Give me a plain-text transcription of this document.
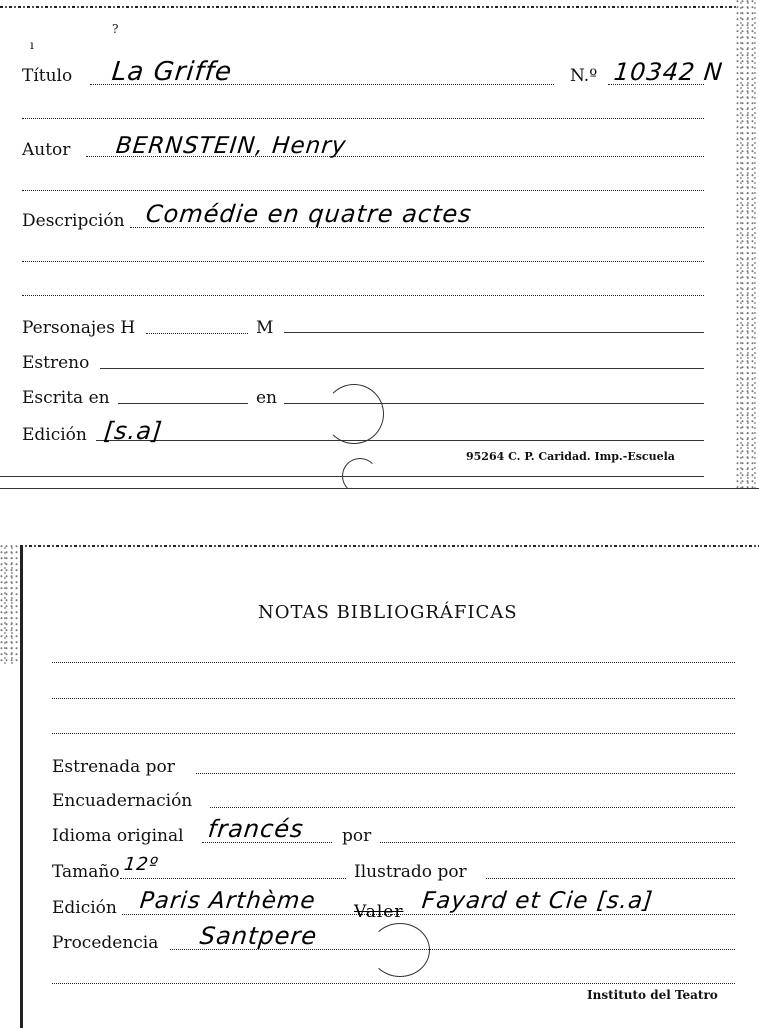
ı
?
Título La Griffe	N.º 10342 N
Autor BERNSTEIN, Henry
Descripción Comédie en quatre actes
Personajes H	M
Estreno
Escrita en	en
Edición [s.a]
95264 C. P. Caridad. Imp.-Escuela
NOTAS BIBLIOGRÁFICAS
Estrenada por
Encuadernación
Idioma original francés por
Tamaño 12º	Ilustrado por
Edición Paris Arthème Valer Fayard et Cie [s.a]
Procedencia Santpere
Instituto del Teatro
